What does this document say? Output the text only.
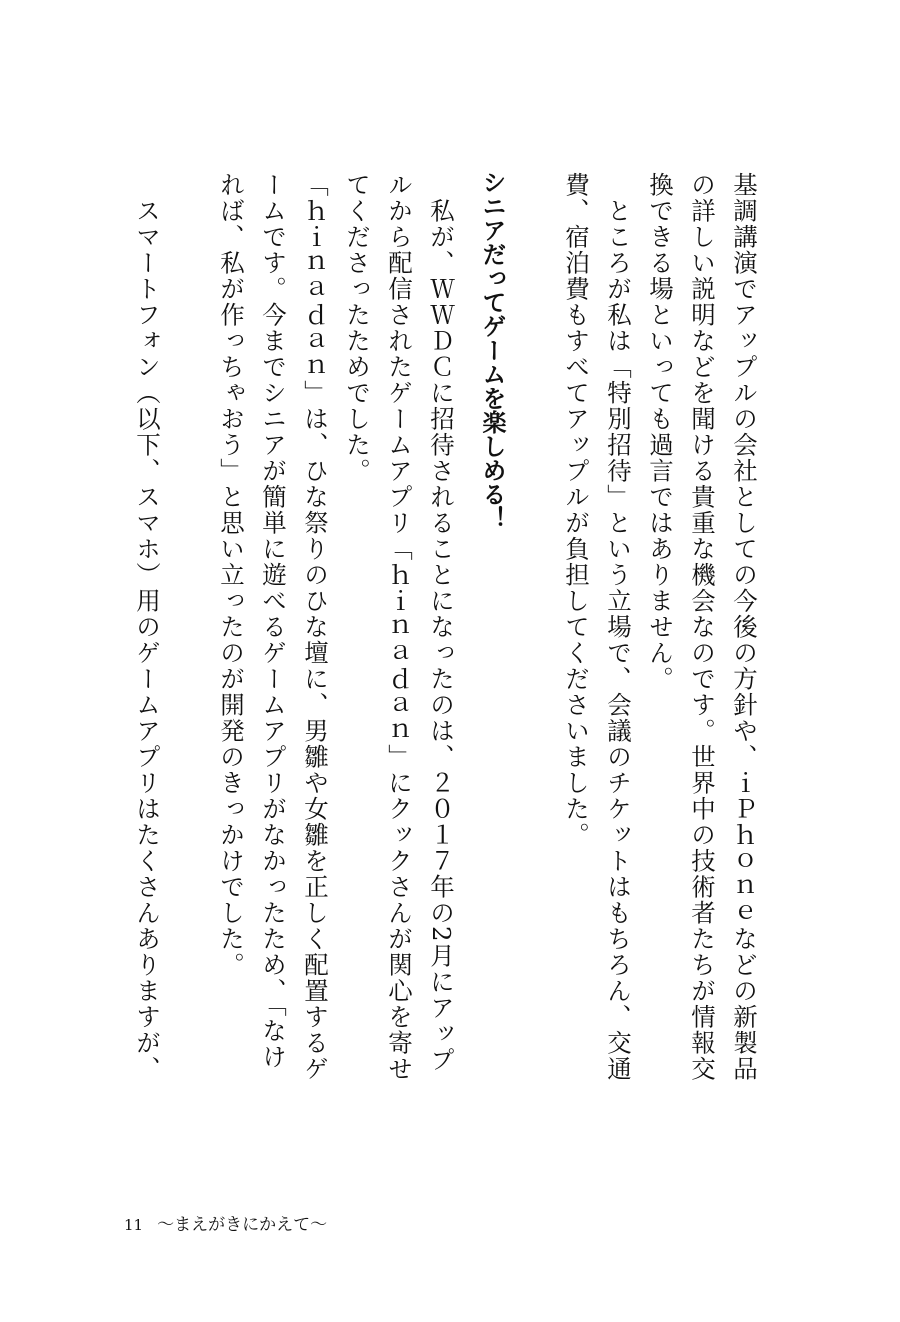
基調講演でアップルの会社としての今後の方針や、ｉＰｈｏｎｅなどの新製品

の詳しい説明などを聞ける貴重な機会なのです。世界中の技術者たちが情報交

換できる場といっても過言ではありません。

　ところが私は「特別招待」という立場で、会議のチケットはもちろん、交通

費、宿泊費もすべてアップルが負担してくださいました。

シニアだってゲームを楽しめる！

　私が、ＷＷＤＣに招待されることになったのは、２０１７年の2月にアップ

ルから配信されたゲームアプリ「ｈｉｎａｄａｎ」にクックさんが関心を寄せ

てくださったためでした。

「ｈｉｎａｄａｎ」は、ひな祭りのひな壇に、男雛や女雛を正しく配置するゲ

ームです。今までシニアが簡単に遊べるゲームアプリがなかったため、「なけ

れば、私が作っちゃおう」と思い立ったのが開発のきっかけでした。

　スマートフォン（以下、スマホ）用のゲームアプリはたくさんありますが、

11 〜まえがきにかえて〜
